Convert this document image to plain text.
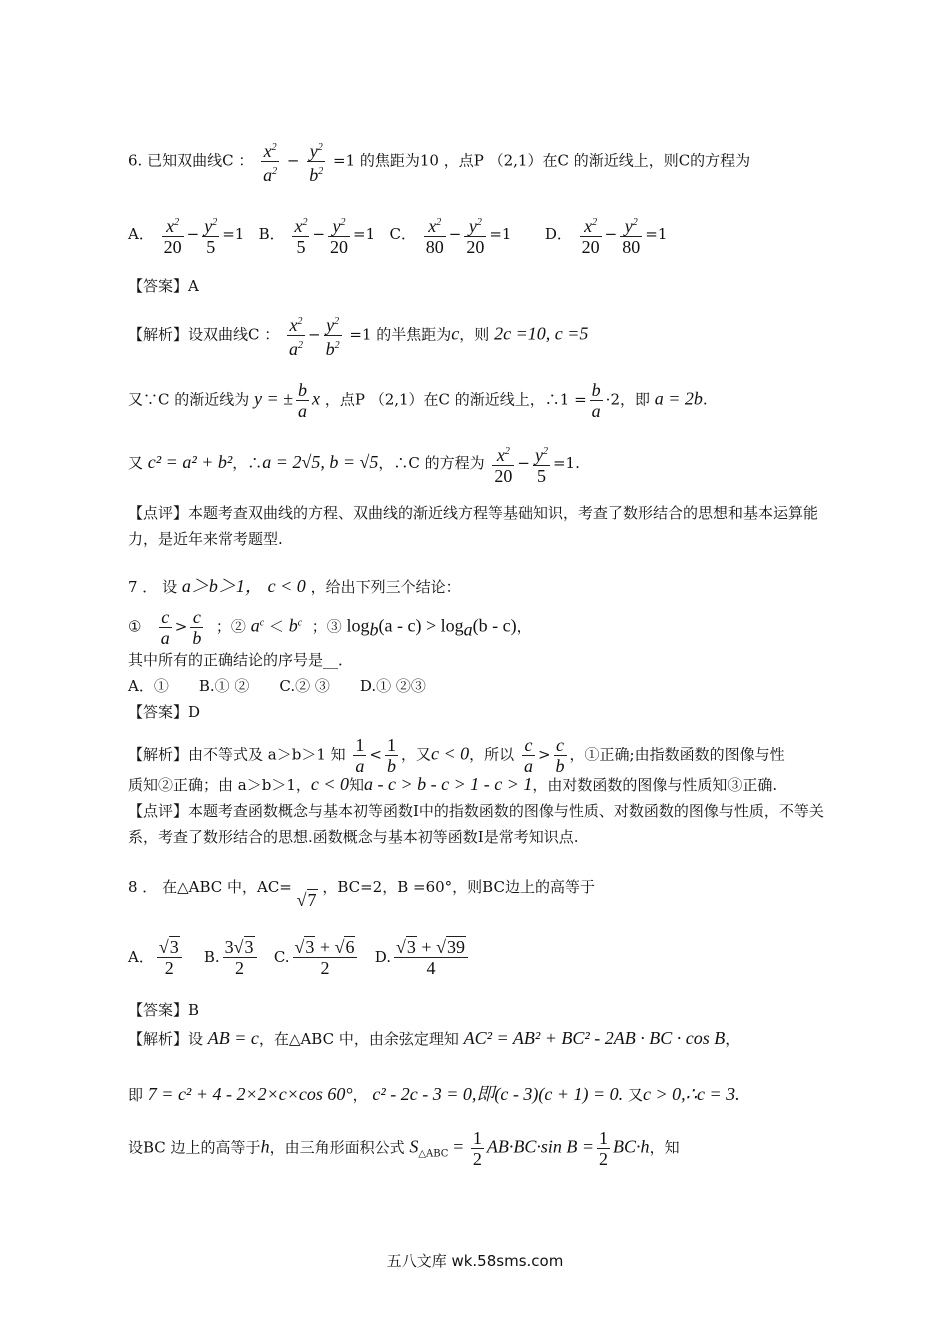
6. 已知双曲线C ： $\frac{x^2}{a^2} - \frac{y^2}{b^2} =1$ 的焦距为10 ，点P （2,1）在C 的渐近线上，则C的方程为
A． $\frac{x^2}{20} - \frac{y^2}{5} =1$ B． $\frac{x^2}{5} - \frac{y^2}{20} =1$ C． $\frac{x^2}{80} - \frac{y^2}{20} =1$ D． $\frac{x^2}{20} - \frac{y^2}{80} =1$
【答案】A
【解析】设双曲线C ： $\frac{x^2}{a^2} - \frac{y^2}{b^2} =1$ 的半焦距为c，则 2c =10, c =5
又∵C 的渐近线为 y = ± $\frac{b}{a}$ x ，点P （2,1）在C 的渐近线上，∴1 = $\frac{b}{a} \cdot 2$，即 a = 2b.
又 c² = a² + b²，∴a = 2√5, b = √5，∴C 的方程为 $\frac{x^2}{20} - \frac{y^2}{5} =1$.
【点评】本题考查双曲线的方程、双曲线的渐近线方程等基础知识，考查了数形结合的思想和基本运算能力，是近年来常考题型.
7 ． 设 a＞b＞1， c < 0 ，给出下列三个结论：
① $\frac{c}{a} > \frac{c}{b}$ ；② $a^c < b^c$ ；③ $\log_b(a - c) > \log_a(b - c)$，
其中所有的正确结论的序号是__．
A．①　　B.① ②　　C.② ③　　D.① ②③
【答案】D
【解析】由不等式及 a＞b＞1 知 $\frac{1}{a} < \frac{1}{b}$ ，又c < 0，所以 $\frac{c}{a} > \frac{c}{b}$ ，①正确;由指数函数的图像与性
质知②正确；由 a＞b＞1，c < 0知a - c > b - c > 1 - c > 1，由对数函数的图像与性质知③正确.
【点评】本题考查函数概念与基本初等函数Ⅰ中的指数函数的图像与性质、对数函数的图像与性质，不等关系，考查了数形结合的思想.函数概念与基本初等函数Ⅰ是常考知识点.
8 ． 在△ABC 中，AC= √7 ，BC=2，B =60°，则BC边上的高等于
A． $\frac{√3}{2} B$. $\frac{3√3}{2} C$. $\frac{√3 + √6}{2} D$. $\frac{√3 + √39}{4}$
【答案】B
【解析】设 AB = c，在△ABC 中，由余弦定理知 AC² = AB² + BC² - 2AB · BC · cos B，
即 7 = c² + 4 - 2×2×c×cos 60°， c² - 2c - 3 = 0,即(c - 3)(c + 1) = 0. 又c > 0,∴c = 3.
设BC 边上的高等于h，由三角形面积公式 $S_{\triangle ABC} = \frac{1}{2} AB\cdot BC\cdot\sin$ $B = \frac{1}{2} BC\cdot h$，知
五八文库 wk.58sms.com
